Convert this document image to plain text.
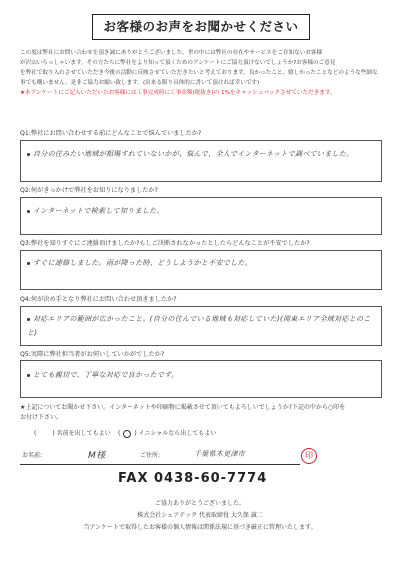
お客様のお声をお聞かせください
この度は弊社にお問い合わせを頂き誠にありがとうございました。世の中には弊社の存在やサービスをご存知ないお客様
が沢山いらっしゃいます。その方たちに弊社をより知って頂くためのアンケートにご協力頂けないでしょうか?お客様のご意見
を弊社で取り入れさせていただき今後の活動に反映させていただきたいと考えております。良かったこと、嬉しかったことなどのような些細な
事でも構いません。是非ご協力お願い致します。(出来る限り具体的に書いて頂ければ幸いです)
★本アンケートにご記入いただいたお客様には工事完成時に工事金額(税抜き)の 1%をキャッシュバックさせていただきます。
Q1:弊社にお問い合わせする前にどんなことで悩んでいましたか?
自分の住みたい地域が相場すれていないかが、悩んで、全人でインターネットで調べていました。
Q2:何がきっかけで弊社をお知りになりましたか?
インターネットで検索して知りました。
Q3:弊社を知りすぐにご連絡頂けましたか?もしご決断されなかったとしたらどんなことが不安でしたか?
すぐに連絡しました。雨が降った時、どうしようかと不安でした。
Q4:何が決め手となり弊社にお問い合わせ頂きましたか?
対応エリアの範囲が広かったこと。(自分の住んでいる地域も対応していた)(関東エリア全域対応とのこと)
Q5:実際に弊社担当者がお伺いしていかがでしたか?
とても親切で、丁寧な対応で良かったです。
★上記についてお聞かせ下さい。インターネットや印刷物に掲載させて頂いてもよろしいでしょうか?下記の中から○印を
お付け下さい。
(	) 名前を出してもよい ( ○ ) イニシャルなら出してもよい
お名前:	M様	ご住所:	千葉県木更津市	印
FAX 0438-60-7774
ご協力ありがとうございました。
株式会社シュアテック 代表取締役 大久保 誠二
当アンケートで取得したお客様の個人情報は関係法規に基づき厳正に管理いたします。
